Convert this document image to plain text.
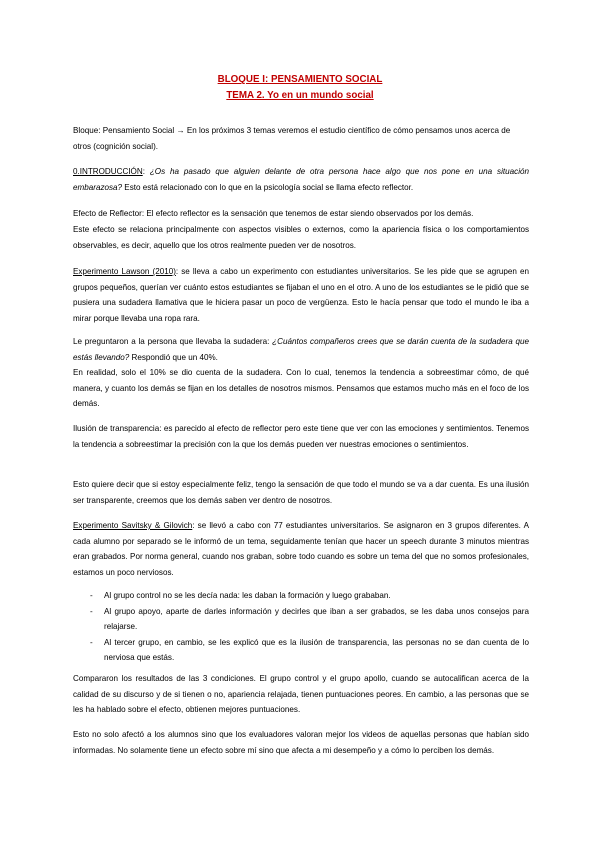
BLOQUE I: PENSAMIENTO SOCIAL
TEMA 2. Yo en un mundo social

Bloque: Pensamiento Social → En los próximos 3 temas veremos el estudio científico de cómo pensamos unos acerca de otros (cognición social).

0.INTRODUCCIÓN: ¿Os ha pasado que alguien delante de otra persona hace algo que nos pone en una situación embarazosa? Esto está relacionado con lo que en la psicología social se llama efecto reflector.

Efecto de Reflector: El efecto reflector es la sensación que tenemos de estar siendo observados por los demás.

Este efecto se relaciona principalmente con aspectos visibles o externos, como la apariencia física o los comportamientos observables, es decir, aquello que los otros realmente pueden ver de nosotros.

Experimento Lawson (2010): se lleva a cabo un experimento con estudiantes universitarios. Se les pide que se agrupen en grupos pequeños, querían ver cuánto estos estudiantes se fijaban el uno en el otro. A uno de los estudiantes se le pidió que se pusiera una sudadera llamativa que le hiciera pasar un poco de vergüenza. Esto le hacía pensar que todo el mundo le iba a mirar porque llevaba una ropa rara.

Le preguntaron a la persona que llevaba la sudadera: ¿Cuántos compañeros crees que se darán cuenta de la sudadera que estás llevando? Respondió que un 40%.

En realidad, solo el 10% se dio cuenta de la sudadera. Con lo cual, tenemos la tendencia a sobreestimar cómo, de qué manera, y cuanto los demás se fijan en los detalles de nosotros mismos. Pensamos que estamos mucho más en el foco de los demás.

Ilusión de transparencia: es parecido al efecto de reflector pero este tiene que ver con las emociones y sentimientos. Tenemos la tendencia a sobreestimar la precisión con la que los demás pueden ver nuestras emociones o sentimientos.

Esto quiere decir que si estoy especialmente feliz, tengo la sensación de que todo el mundo se va a dar cuenta. Es una ilusión ser transparente, creemos que los demás saben ver dentro de nosotros.

Experimento Savitsky & Gilovich: se llevó a cabo con 77 estudiantes universitarios. Se asignaron en 3 grupos diferentes. A cada alumno por separado se le informó de un tema, seguidamente tenían que hacer un speech durante 3 minutos mientras eran grabados. Por norma general, cuando nos graban, sobre todo cuando es sobre un tema del que no somos profesionales, estamos un poco nerviosos.

- Al grupo control no se les decía nada: les daban la formación y luego grababan.
- Al grupo apoyo, aparte de darles información y decirles que iban a ser grabados, se les daba unos consejos para relajarse.
- Al tercer grupo, en cambio, se les explicó que es la ilusión de transparencia, las personas no se dan cuenta de lo nerviosa que estás.

Compararon los resultados de las 3 condiciones. El grupo control y el grupo apollo, cuando se autocalifican acerca de la calidad de su discurso y de si tienen o no, apariencia relajada, tienen puntuaciones peores. En cambio, a las personas que se les ha hablado sobre el efecto, obtienen mejores puntuaciones.

Esto no solo afectó a los alumnos sino que los evaluadores valoran mejor los videos de aquellas personas que habían sido informadas. No solamente tiene un efecto sobre mí sino que afecta a mi desempeño y a cómo lo perciben los demás.
